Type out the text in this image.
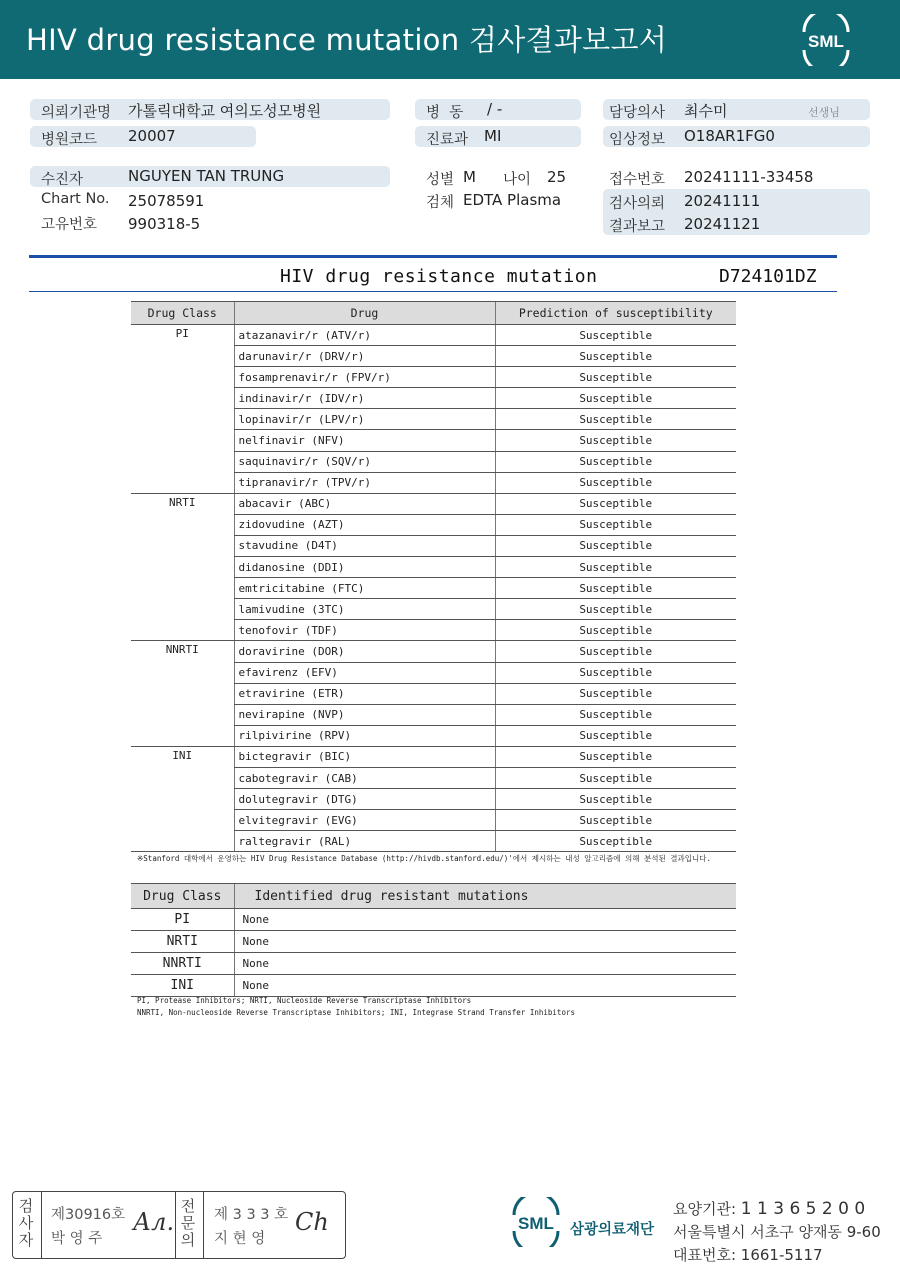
HIV drug resistance mutation 검사결과보고서	SML
의뢰기관명 가톨릭대학교 여의도성모병원
병원코드 20007
병  동 / -
진료과 MI
담당의사 최수미	선생님
임상정보 O18AR1FG0
수진자	NGUYEN TAN TRUNG
Chart No. 25078591
고유번호 990318-5
성별 M 나이 25
검체 EDTA Plasma
접수번호 20241111-33458
검사의뢰 20241111
결과보고 20241121
HIV drug resistance mutation	D724101DZ
Drug Class	Drug	Prediction of susceptibility
PI	atazanavir/r (ATV/r)	Susceptible
	darunavir/r (DRV/r)	Susceptible
	fosamprenavir/r (FPV/r)	Susceptible
	indinavir/r (IDV/r)	Susceptible
	lopinavir/r (LPV/r)	Susceptible
	nelfinavir (NFV)	Susceptible
	saquinavir/r (SQV/r)	Susceptible
	tipranavir/r (TPV/r)	Susceptible
NRTI	abacavir (ABC)	Susceptible
	zidovudine (AZT)	Susceptible
	stavudine (D4T)	Susceptible
	didanosine (DDI)	Susceptible
	emtricitabine (FTC)	Susceptible
	lamivudine (3TC)	Susceptible
	tenofovir (TDF)	Susceptible
NNRTI	doravirine (DOR)	Susceptible
	efavirenz (EFV)	Susceptible
	etravirine (ETR)	Susceptible
	nevirapine (NVP)	Susceptible
	rilpivirine (RPV)	Susceptible
INI	bictegravir (BIC)	Susceptible
	cabotegravir (CAB)	Susceptible
	dolutegravir (DTG)	Susceptible
	elvitegravir (EVG)	Susceptible
	raltegravir (RAL)	Susceptible
※Stanford 대학에서 운영하는 HIV Drug Resistance Database (http://hivdb.stanford.edu/)'에서 제시하는 내성 알고리즘에 의해 분석된 결과입니다.
Drug Class	Identified drug resistant mutations
PI	None
NRTI	None
NNRTI	None
INI	None
PI, Protease Inhibitors; NRTI, Nucleoside Reverse Transcriptase Inhibitors
NNRTI, Non-nucleoside Reverse Transcriptase Inhibitors; INI, Integrase Strand Transfer Inhibitors
검사자
제30916호
박 영 주
Ал.
전문의
제 3 3 3 호
지 현 영
Ch	SML 삼광의료재단
요양기관: 1 1 3 6 5 2 0 0
서울특별시 서초구 양재동 9-60
대표번호: 1661-5117
